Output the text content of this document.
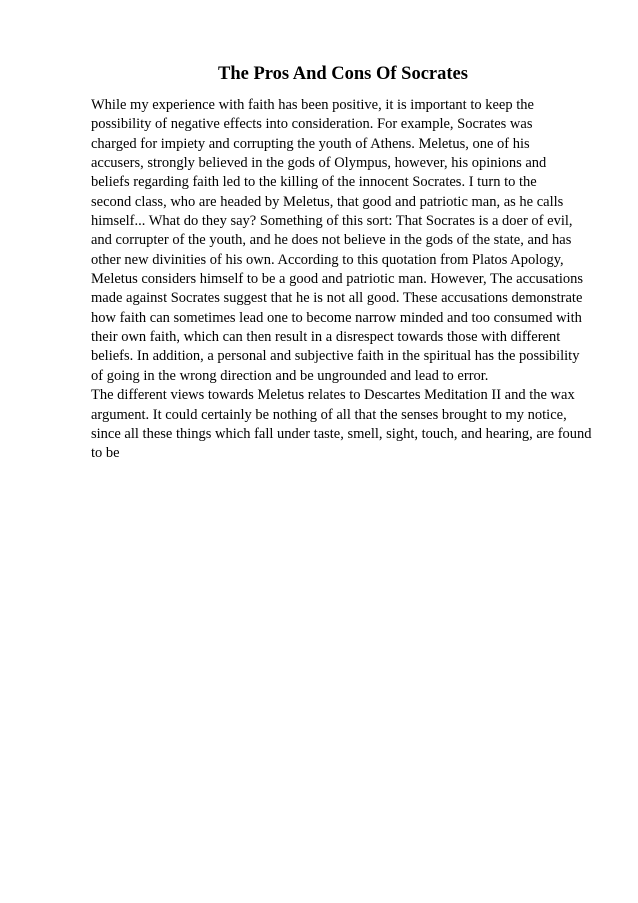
The Pros And Cons Of Socrates
While my experience with faith has been positive, it is important to keep the
possibility of negative effects into consideration. For example, Socrates was
charged for impiety and corrupting the youth of Athens. Meletus, one of his
accusers, strongly believed in the gods of Olympus, however, his opinions and
beliefs regarding faith led to the killing of the innocent Socrates. I turn to the
second class, who are headed by Meletus, that good and patriotic man, as he calls
himself... What do they say? Something of this sort: That Socrates is a doer of evil,
and corrupter of the youth, and he does not believe in the gods of the state, and has
other new divinities of his own. According to this quotation from Platos Apology,
Meletus considers himself to be a good and patriotic man. However, The accusations
made against Socrates suggest that he is not all good. These accusations demonstrate
how faith can sometimes lead one to become narrow minded and too consumed with
their own faith, which can then result in a disrespect towards those with different
beliefs. In addition, a personal and subjective faith in the spiritual has the possibility
of going in the wrong direction and be ungrounded and lead to error.
The different views towards Meletus relates to Descartes Meditation II and the wax
argument. It could certainly be nothing of all that the senses brought to my notice,
since all these things which fall under taste, smell, sight, touch, and hearing, are found
to be
